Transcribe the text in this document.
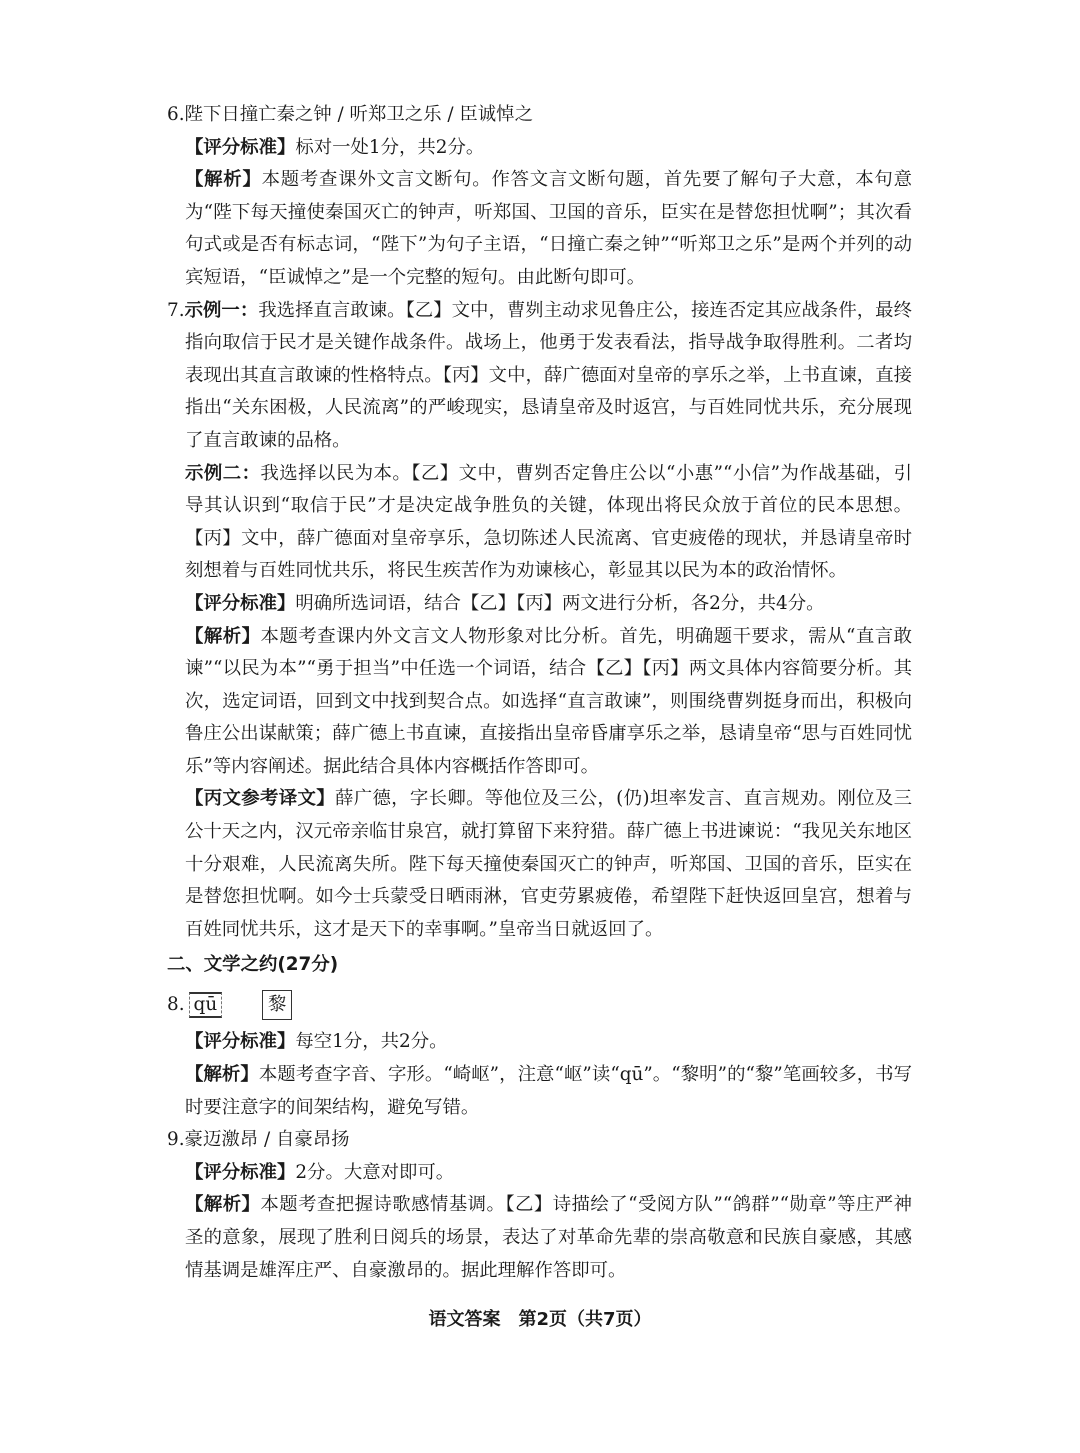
6.陛下日撞亡秦之钟 / 听郑卫之乐 / 臣诚悼之
【评分标准】标对一处1分，共2分。
【解析】本题考查课外文言文断句。作答文言文断句题，首先要了解句子大意，本句意为“陛下每天撞使秦国灭亡的钟声，听郑国、卫国的音乐，臣实在是替您担忧啊”；其次看句式或是否有标志词，“陛下”为句子主语，“日撞亡秦之钟”“听郑卫之乐”是两个并列的动宾短语，“臣诚悼之”是一个完整的短句。由此断句即可。
7.示例一：我选择直言敢谏。【乙】文中，曹刿主动求见鲁庄公，接连否定其应战条件，最终指向取信于民才是关键作战条件。战场上，他勇于发表看法，指导战争取得胜利。二者均表现出其直言敢谏的性格特点。【丙】文中，薛广德面对皇帝的享乐之举，上书直谏，直接指出“关东困极，人民流离”的严峻现实，恳请皇帝及时返宫，与百姓同忧共乐，充分展现了直言敢谏的品格。
示例二：我选择以民为本。【乙】文中，曹刿否定鲁庄公以“小惠”“小信”为作战基础，引导其认识到“取信于民”才是决定战争胜负的关键，体现出将民众放于首位的民本思想。【丙】文中，薛广德面对皇帝享乐，急切陈述人民流离、官吏疲倦的现状，并恳请皇帝时刻想着与百姓同忧共乐，将民生疾苦作为劝谏核心，彰显其以民为本的政治情怀。
【评分标准】明确所选词语，结合【乙】【丙】两文进行分析，各2分，共4分。
【解析】本题考查课内外文言文人物形象对比分析。首先，明确题干要求，需从“直言敢谏”“以民为本”“勇于担当”中任选一个词语，结合【乙】【丙】两文具体内容简要分析。其次，选定词语，回到文中找到契合点。如选择“直言敢谏”，则围绕曹刿挺身而出，积极向鲁庄公出谋献策；薛广德上书直谏，直接指出皇帝昏庸享乐之举，恳请皇帝“思与百姓同忧乐”等内容阐述。据此结合具体内容概括作答即可。
【丙文参考译文】薛广德，字长卿。等他位及三公，(仍)坦率发言、直言规劝。刚位及三公十天之内，汉元帝亲临甘泉宫，就打算留下来狩猎。薛广德上书进谏说：“我见关东地区十分艰难，人民流离失所。陛下每天撞使秦国灭亡的钟声，听郑国、卫国的音乐，臣实在是替您担忧啊。如今士兵蒙受日晒雨淋，官吏劳累疲倦，希望陛下赶快返回皇宫，想着与百姓同忧共乐，这才是天下的幸事啊。”皇帝当日就返回了。
二、文学之约(27分)
8. qū	黎
【评分标准】每空1分，共2分。
【解析】本题考查字音、字形。“崎岖”，注意“岖”读“qū”。“黎明”的“黎”笔画较多，书写时要注意字的间架结构，避免写错。
9.豪迈激昂 / 自豪昂扬
【评分标准】2分。大意对即可。
【解析】本题考查把握诗歌感情基调。【乙】诗描绘了“受阅方队”“鸽群”“勋章”等庄严神圣的意象，展现了胜利日阅兵的场景，表达了对革命先辈的崇高敬意和民族自豪感，其感情基调是雄浑庄严、自豪激昂的。据此理解作答即可。
语文答案　第2页（共7页）
